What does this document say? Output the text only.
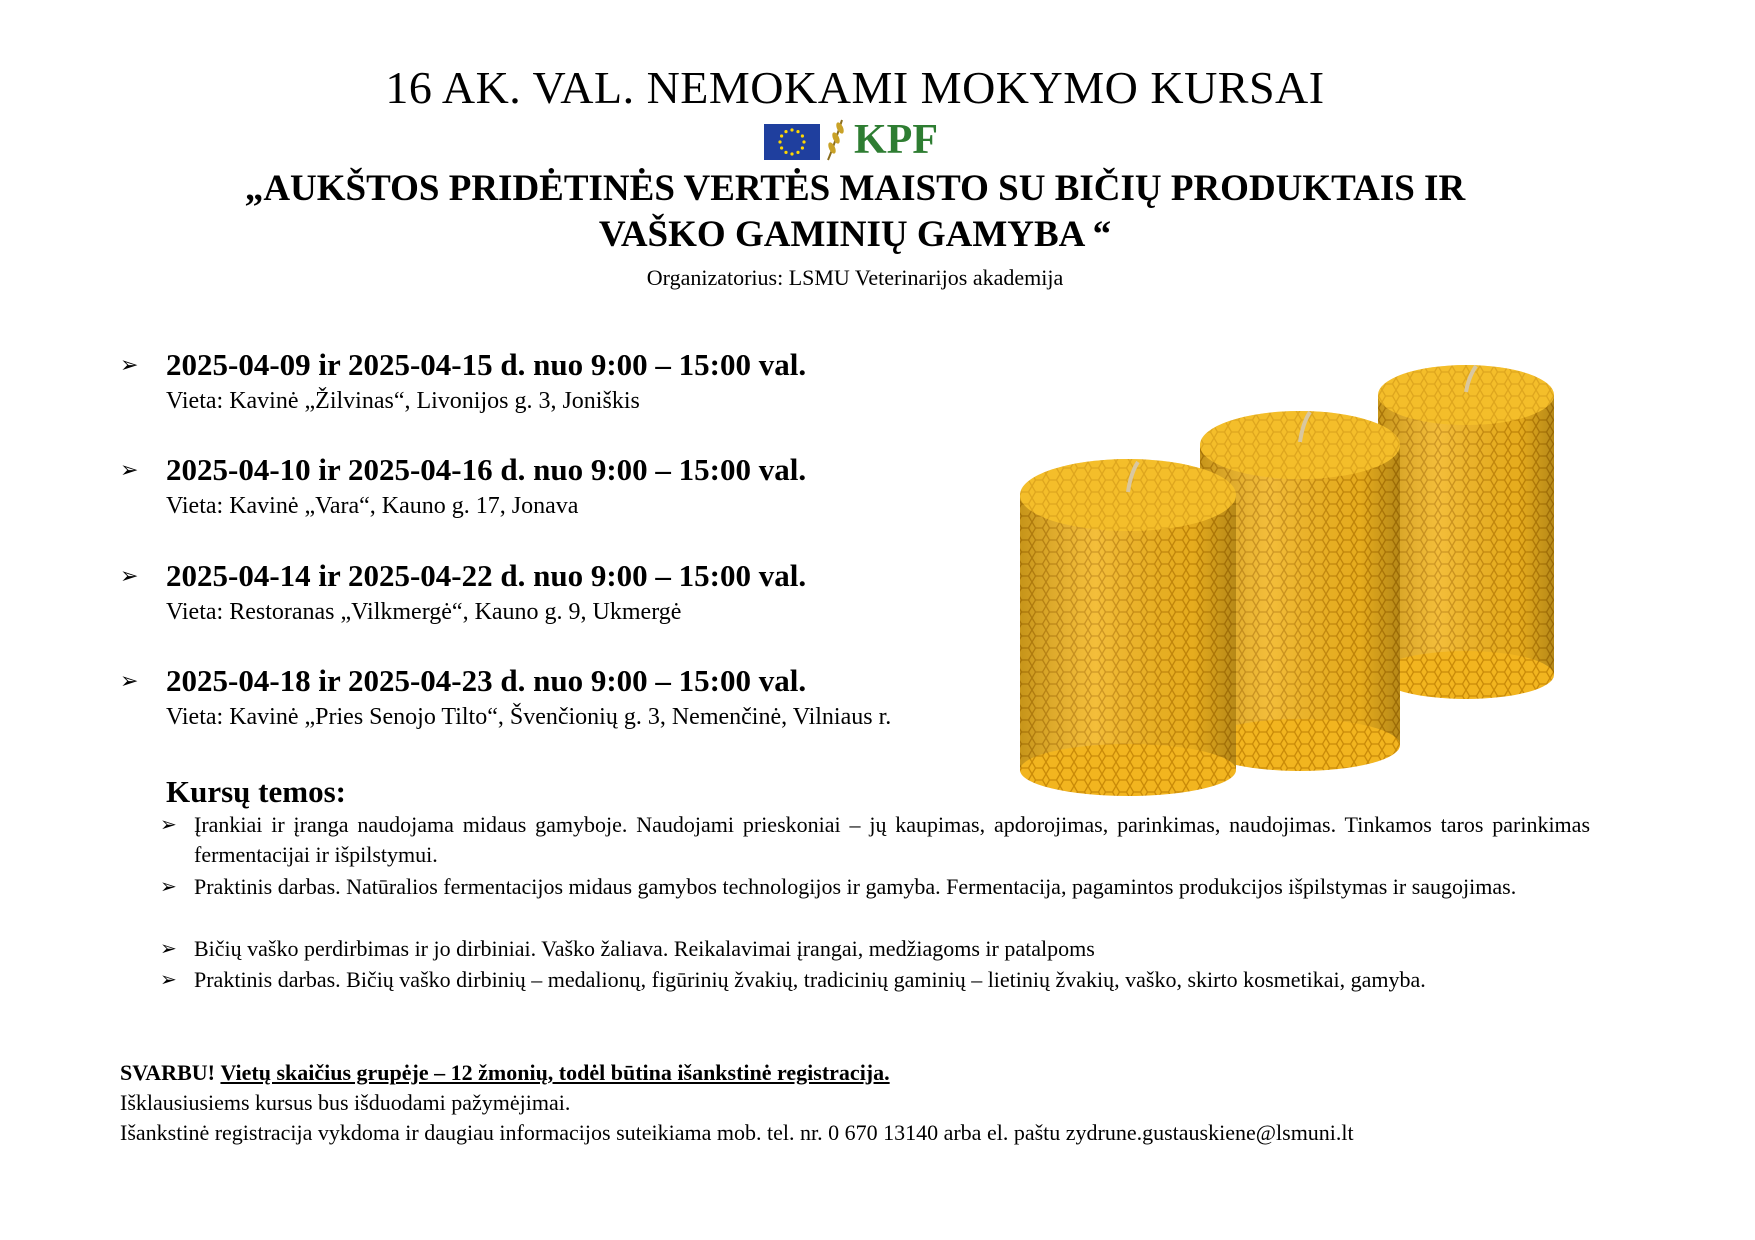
16 AK. VAL. NEMOKAMI MOKYMO KURSAI
KPF
„AUKŠTOS PRIDĖTINĖS VERTĖS MAISTO SU BIČIŲ PRODUKTAIS IR
VAŠKO GAMINIŲ GAMYBA “
Organizatorius: LSMU Veterinarijos akademija
➢ 2025-04-09 ir 2025-04-15 d. nuo 9:00 – 15:00 val.
Vieta: Kavinė „Žilvinas“, Livonijos g. 3, Joniškis
➢ 2025-04-10 ir 2025-04-16 d. nuo 9:00 – 15:00 val.
Vieta: Kavinė „Vara“, Kauno g. 17, Jonava
➢ 2025-04-14 ir 2025-04-22 d. nuo 9:00 – 15:00 val.
Vieta: Restoranas „Vilkmergė“, Kauno g. 9, Ukmergė
➢ 2025-04-18 ir 2025-04-23 d. nuo 9:00 – 15:00 val.
Vieta: Kavinė „Pries Senojo Tilto“, Švenčionių g. 3, Nemenčinė, Vilniaus r.
Kursų temos:
➢ Įrankiai ir įranga naudojama midaus gamyboje. Naudojami prieskoniai – jų kaupimas, apdorojimas, parinkimas, naudojimas. Tinkamos taros parinkimas fermentacijai ir išpilstymui.
➢ Praktinis darbas. Natūralios fermentacijos midaus gamybos technologijos ir gamyba. Fermentacija, pagamintos produkcijos išpilstymas ir saugojimas.
➢ Bičių vaško perdirbimas ir jo dirbiniai. Vaško žaliava. Reikalavimai įrangai, medžiagoms ir patalpoms
➢ Praktinis darbas. Bičių vaško dirbinių – medalionų, figūrinių žvakių, tradicinių gaminių – lietinių žvakių, vaško, skirto kosmetikai, gamyba.
SVARBU! Vietų skaičius grupėje – 12 žmonių, todėl būtina išankstinė registracija.
Išklausiusiems kursus bus išduodami pažymėjimai.
Išankstinė registracija vykdoma ir daugiau informacijos suteikiama mob. tel. nr. 0 670 13140 arba el. paštu zydrune.gustauskiene@lsmuni.lt
